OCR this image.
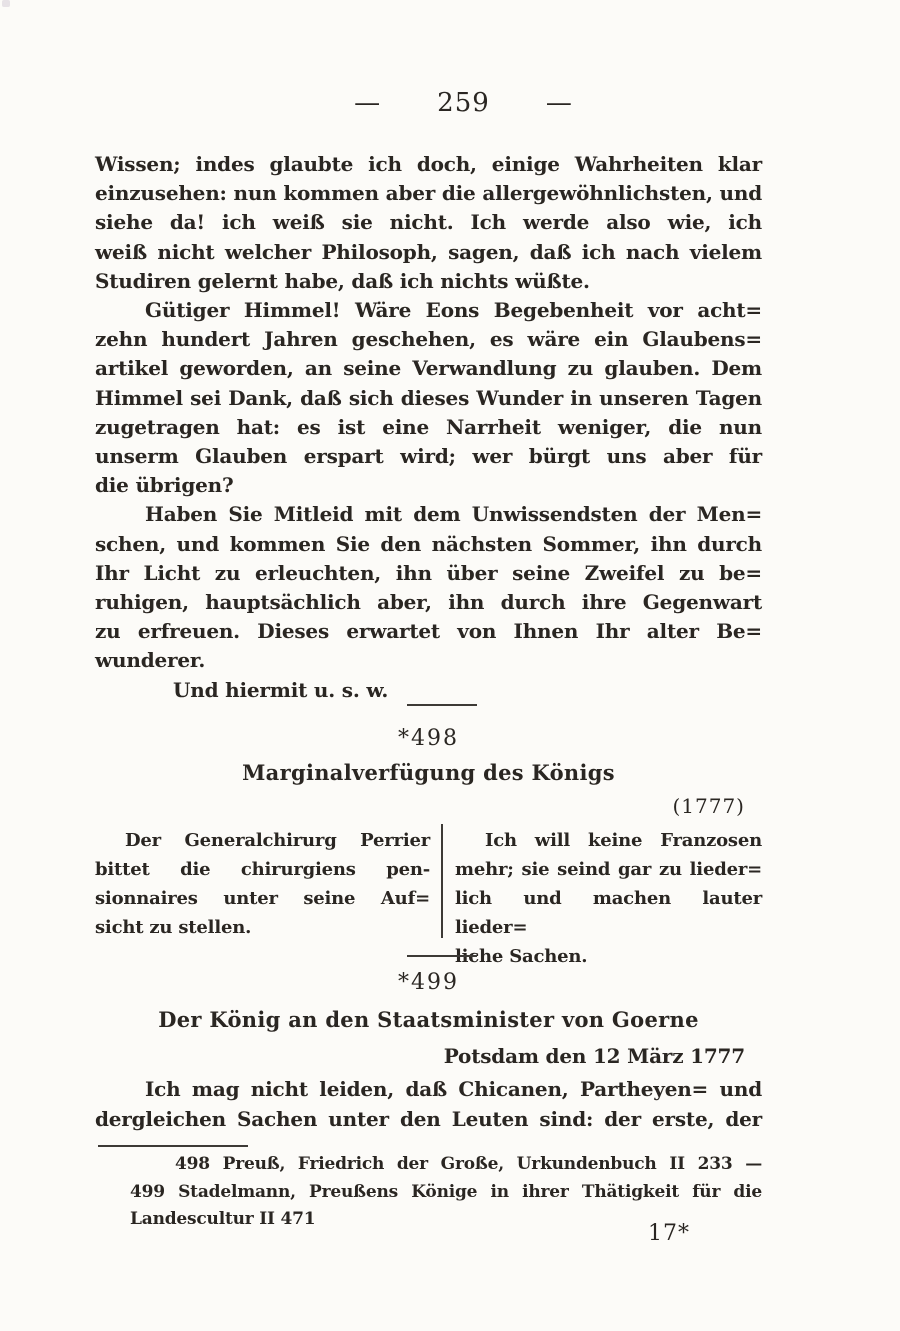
— 259 —
Wissen; indes glaubte ich doch, einige Wahrheiten klar
einzusehen: nun kommen aber die allergewöhnlichsten, und
siehe da! ich weiß sie nicht. Ich werde also wie, ich
weiß nicht welcher Philosoph, sagen, daß ich nach vielem
Studiren gelernt habe, daß ich nichts wüßte.
Gütiger Himmel! Wäre Eons Begebenheit vor acht=
zehn hundert Jahren geschehen, es wäre ein Glaubens=
artikel geworden, an seine Verwandlung zu glauben. Dem
Himmel sei Dank, daß sich dieses Wunder in unseren Tagen
zugetragen hat: es ist eine Narrheit weniger, die nun
unserm Glauben erspart wird; wer bürgt uns aber für
die übrigen?
Haben Sie Mitleid mit dem Unwissendsten der Men=
schen, und kommen Sie den nächsten Sommer, ihn durch
Ihr Licht zu erleuchten, ihn über seine Zweifel zu be=
ruhigen, hauptsächlich aber, ihn durch ihre Gegenwart
zu erfreuen. Dieses erwartet von Ihnen Ihr alter Be=
wunderer.
Und hiermit u. s. w.
*498
Marginalverfügung des Königs
(1777)
Der Generalchirurg Perrier
bittet die chirurgiens pen-
sionnaires unter seine Auf=
sicht zu stellen.
Ich will keine Franzosen
mehr; sie seind gar zu lieder=
lich und machen lauter lieder=
liche Sachen.
*499
Der König an den Staatsminister von Goerne
Potsdam den 12 März 1777
Ich mag nicht leiden, daß Chicanen, Partheyen= und
dergleichen Sachen unter den Leuten sind: der erste, der
498 Preuß, Friedrich der Große, Urkundenbuch II 233 —
499 Stadelmann, Preußens Könige in ihrer Thätigkeit für die
Landescultur II 471
17*
